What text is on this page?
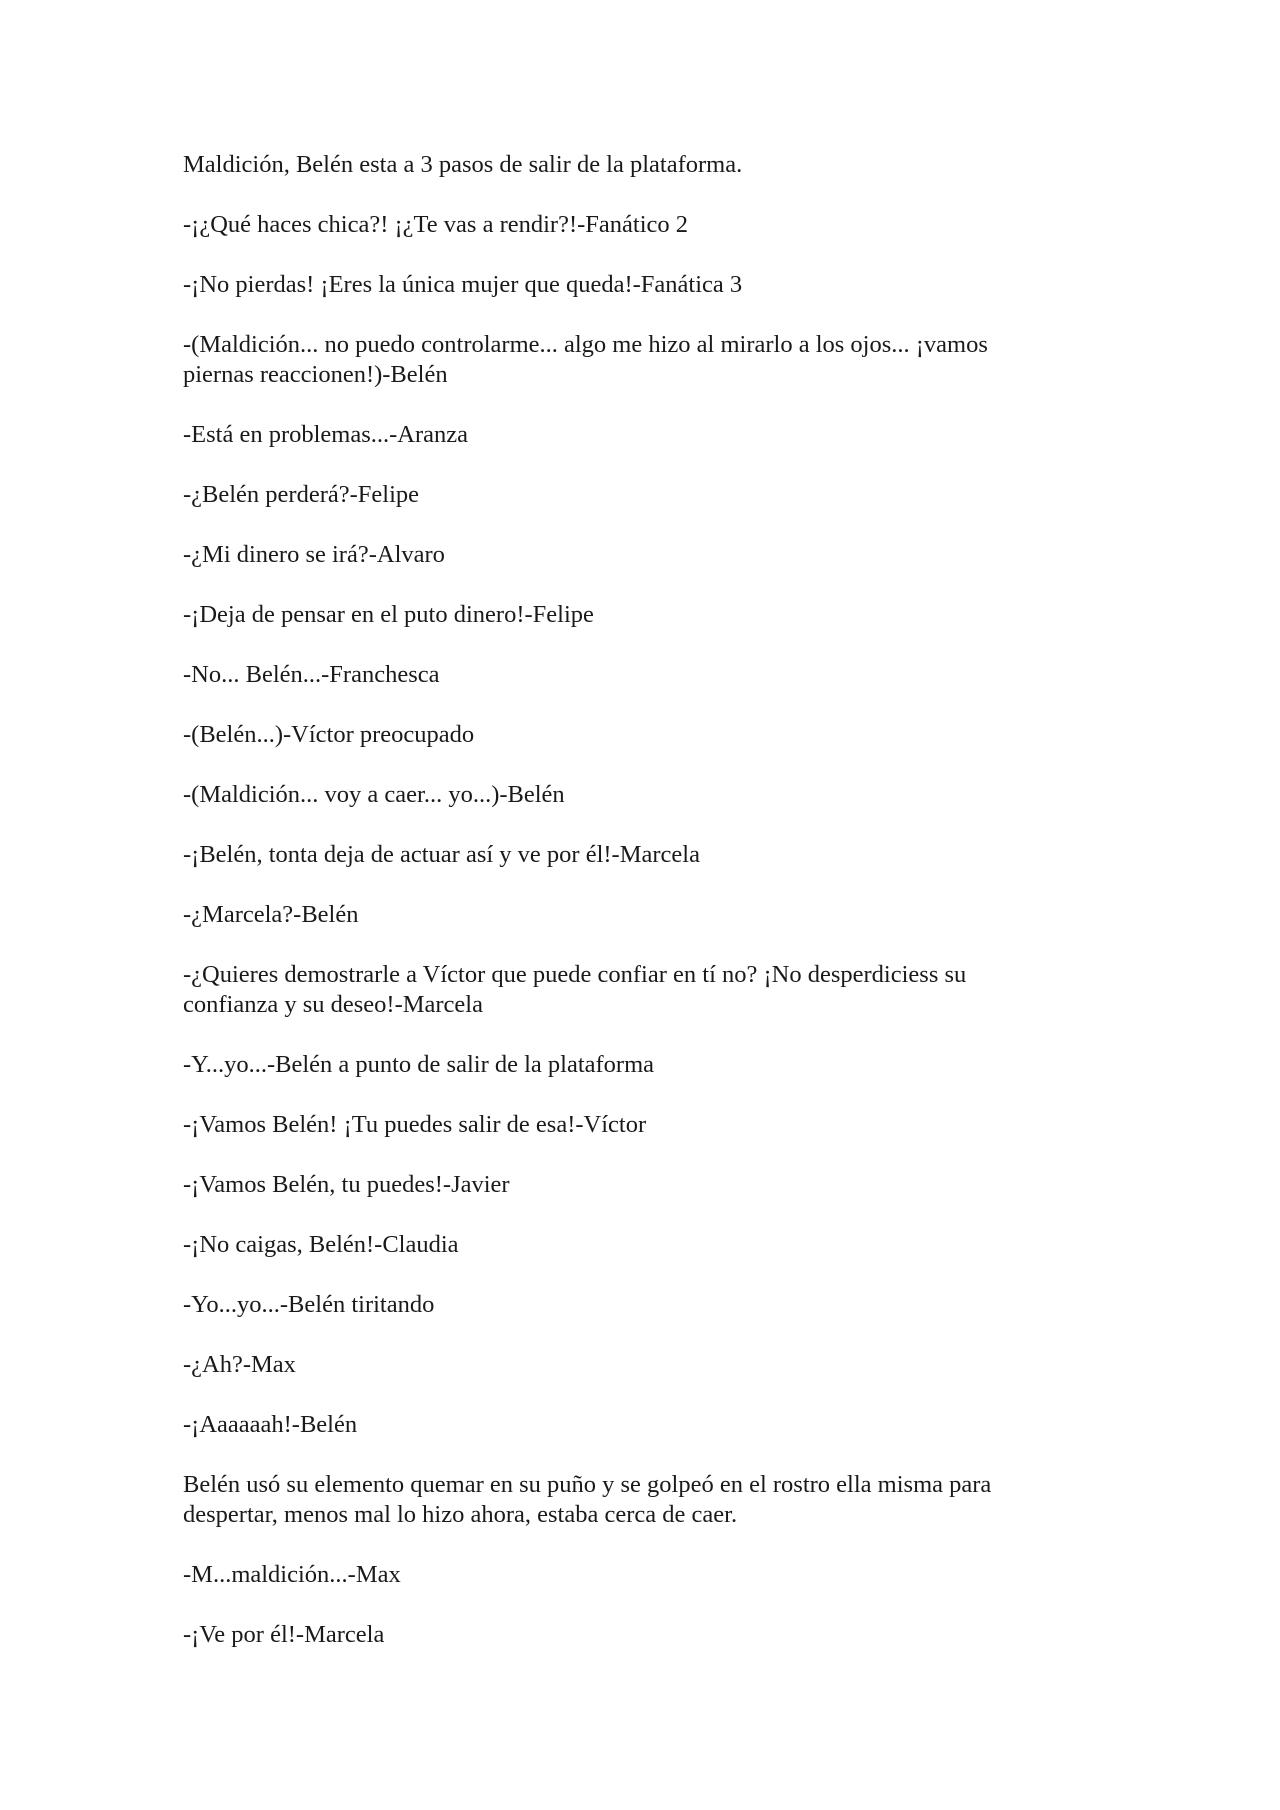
Maldición, Belén esta a 3 pasos de salir de la plataforma.

-¡¿Qué haces chica?! ¡¿Te vas a rendir?!-Fanático 2

-¡No pierdas! ¡Eres la única mujer que queda!-Fanática 3

-(Maldición... no puedo controlarme... algo me hizo al mirarlo a los ojos... ¡vamos piernas reaccionen!)-Belén

-Está en problemas...-Aranza

-¿Belén perderá?-Felipe

-¿Mi dinero se irá?-Alvaro

-¡Deja de pensar en el puto dinero!-Felipe

-No... Belén...-Franchesca

-(Belén...)-Víctor preocupado

-(Maldición... voy a caer... yo...)-Belén

-¡Belén, tonta deja de actuar así y ve por él!-Marcela

-¿Marcela?-Belén

-¿Quieres demostrarle a Víctor que puede confiar en tí no? ¡No desperdiciess su confianza y su deseo!-Marcela

-Y...yo...-Belén a punto de salir de la plataforma

-¡Vamos Belén! ¡Tu puedes salir de esa!-Víctor

-¡Vamos Belén, tu puedes!-Javier

-¡No caigas, Belén!-Claudia

-Yo...yo...-Belén tiritando

-¿Ah?-Max

-¡Aaaaaah!-Belén

Belén usó su elemento quemar en su puño y se golpeó en el rostro ella misma para despertar, menos mal lo hizo ahora, estaba cerca de caer.

-M...maldición...-Max

-¡Ve por él!-Marcela
